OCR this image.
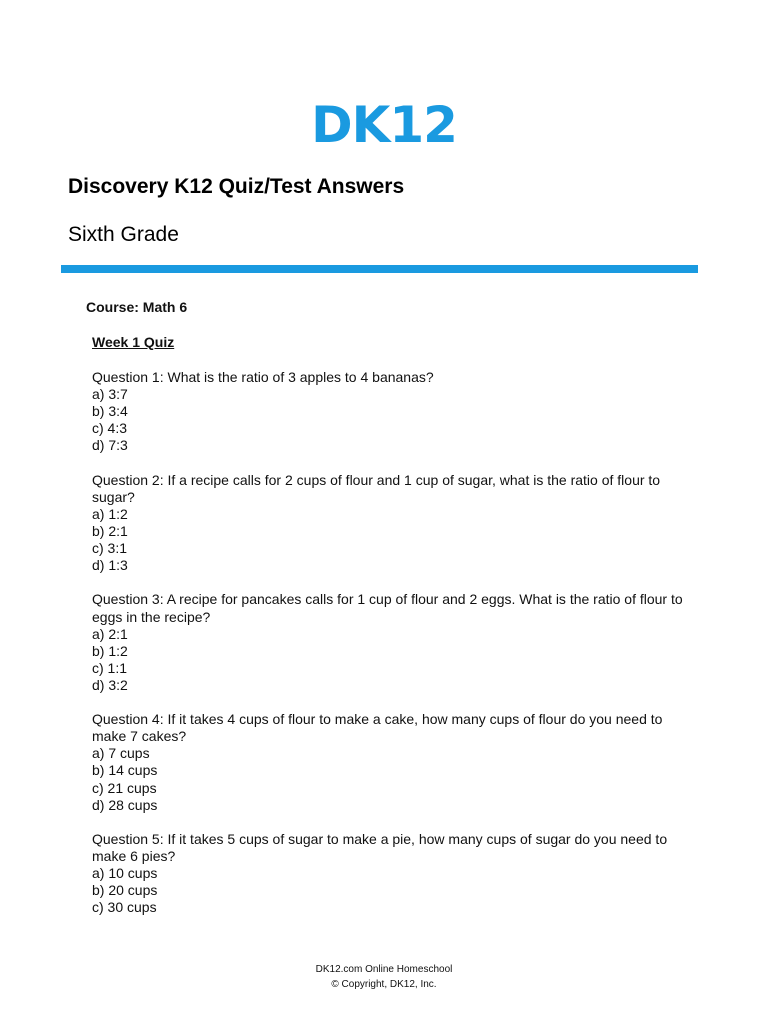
DK12
Discovery K12 Quiz/Test Answers
Sixth Grade
Course: Math 6
Week 1 Quiz
Question 1: What is the ratio of 3 apples to 4 bananas?
a) 3:7
b) 3:4
c) 4:3
d) 7:3
Question 2: If a recipe calls for 2 cups of flour and 1 cup of sugar, what is the ratio of flour to sugar?
a) 1:2
b) 2:1
c) 3:1
d) 1:3
Question 3: A recipe for pancakes calls for 1 cup of flour and 2 eggs. What is the ratio of flour to eggs in the recipe?
a) 2:1
b) 1:2
c) 1:1
d) 3:2
Question 4: If it takes 4 cups of flour to make a cake, how many cups of flour do you need to make 7 cakes?
a) 7 cups
b) 14 cups
c) 21 cups
d) 28 cups
Question 5: If it takes 5 cups of sugar to make a pie, how many cups of sugar do you need to make 6 pies?
a) 10 cups
b) 20 cups
c) 30 cups
DK12.com Online Homeschool
© Copyright, DK12, Inc.
